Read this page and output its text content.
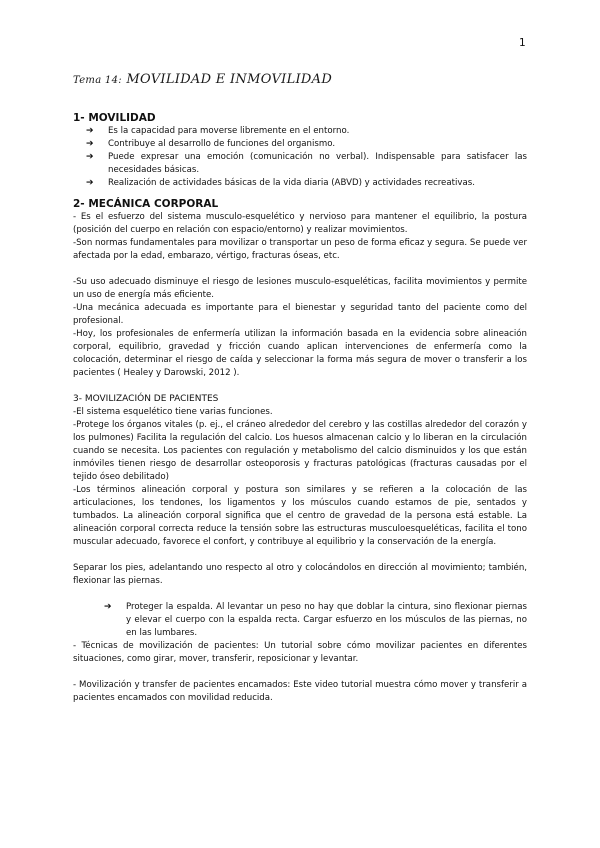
1
Tema 14: MOVILIDAD E INMOVILIDAD
1- MOVILIDAD
➔ Es la capacidad para moverse libremente en el entorno.
➔ Contribuye al desarrollo de funciones del organismo.
➔ Puede expresar una emoción (comunicación no verbal). Indispensable para satisfacer las necesidades básicas.
➔ Realización de actividades básicas de la vida diaria (ABVD) y actividades recreativas.
2- MECÁNICA CORPORAL

- Es el esfuerzo del sistema musculo-esquelético y nervioso para mantener el equilibrio, la postura (posición del cuerpo en relación con espacio/entorno) y realizar movimientos.

-Son normas fundamentales para movilizar o transportar un peso de forma eficaz y segura. Se puede ver afectada por la edad, embarazo, vértigo, fracturas óseas, etc.

-Su uso adecuado disminuye el riesgo de lesiones musculo-esqueléticas, facilita movimientos y permite un uso de energía más eficiente.

-Una mecánica adecuada es importante para el bienestar y seguridad tanto del paciente como del profesional.

-Hoy, los profesionales de enfermería utilizan la información basada en la evidencia sobre alineación corporal, equilibrio, gravedad y fricción cuando aplican intervenciones de enfermería como la colocación, determinar el riesgo de caída y seleccionar la forma más segura de mover o transferir a los pacientes ( Healey y Darowski, 2012 ).

3- MOVILIZACIÓN DE PACIENTES

-El sistema esquelético tiene varias funciones.

-Protege los órganos vitales (p. ej., el cráneo alrededor del cerebro y las costillas alrededor del corazón y los pulmones) Facilita la regulación del calcio. Los huesos almacenan calcio y lo liberan en la circulación cuando se necesita. Los pacientes con regulación y metabolismo del calcio disminuidos y los que están inmóviles tienen riesgo de desarrollar osteoporosis y fracturas patológicas (fracturas causadas por el tejido óseo debilitado)

-Los términos alineación corporal y postura son similares y se refieren a la colocación de las articulaciones, los tendones, los ligamentos y los músculos cuando estamos de pie, sentados y tumbados. La alineación corporal significa que el centro de gravedad de la persona está estable. La alineación corporal correcta reduce la tensión sobre las estructuras musculoesqueléticas, facilita el tono muscular adecuado, favorece el confort, y contribuye al equilibrio y la conservación de la energía.

Separar los pies, adelantando uno respecto al otro y colocándolos en dirección al movimiento; también, flexionar las piernas.

➔ Proteger la espalda. Al levantar un peso no hay que doblar la cintura, sino flexionar piernas y elevar el cuerpo con la espalda recta. Cargar esfuerzo en los músculos de las piernas, no en las lumbares.

- Técnicas de movilización de pacientes: Un tutorial sobre cómo movilizar pacientes en diferentes situaciones, como girar, mover, transferir, reposicionar y levantar.

- Movilización y transfer de pacientes encamados: Este video tutorial muestra cómo mover y transferir a pacientes encamados con movilidad reducida.
